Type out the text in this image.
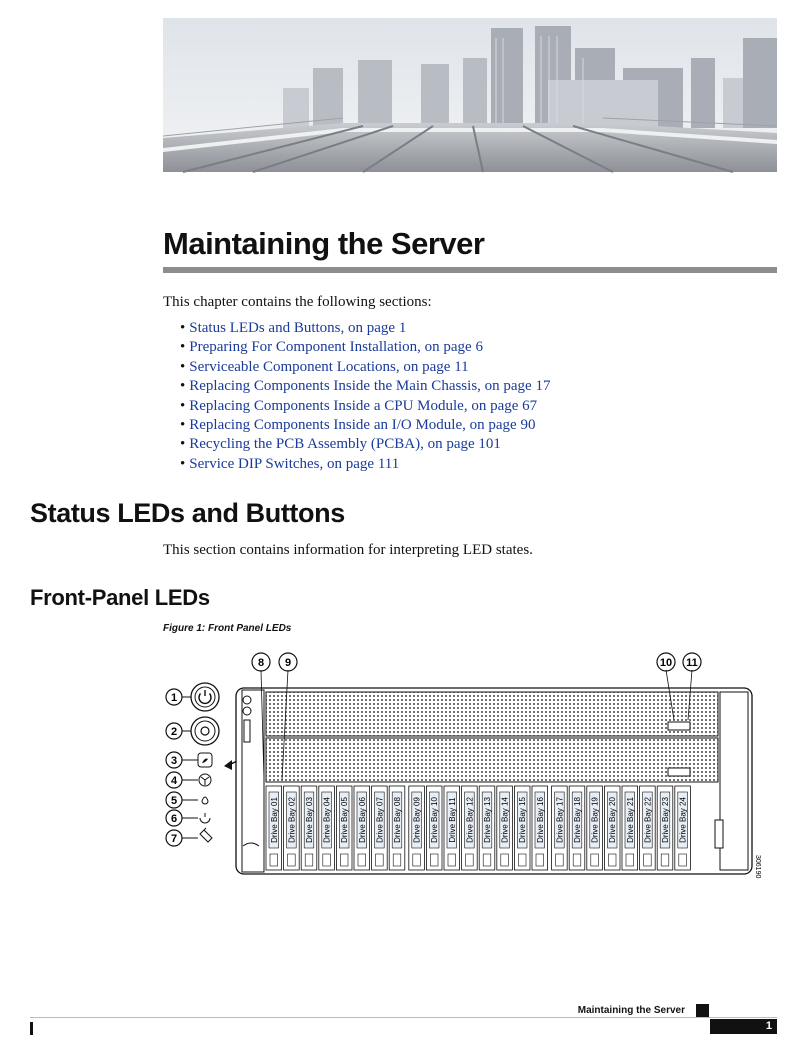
Maintaining the Server

This chapter contains the following sections:

• Status LEDs and Buttons, on page 1
• Preparing For Component Installation, on page 6
• Serviceable Component Locations, on page 11
• Replacing Components Inside the Main Chassis, on page 17
• Replacing Components Inside a CPU Module, on page 67
• Replacing Components Inside an I/O Module, on page 90
• Recycling the PCB Assembly (PCBA), on page 101
• Service DIP Switches, on page 111
Status LEDs and Buttons

This section contains information for interpreting LED states.

Front-Panel LEDs

Figure 1: Front Panel LEDs

1
2
3
4
5
6
7	Drive Bay 01 Drive Bay 02 Drive Bay 03 Drive Bay 04 Drive Bay 05 Drive Bay 06 Drive Bay 07 Drive Bay 08 Drive Bay 09 Drive Bay 10 Drive Bay 11 Drive Bay 12 Drive Bay 13 Drive Bay 14 Drive Bay 15 Drive Bay 16 Drive Bay 17 Drive Bay 18 Drive Bay 19 Drive Bay 20 Drive Bay 21 Drive Bay 22 Drive Bay 23 Drive Bay 24
8 9	10 11
306190

Maintaining the Server

1
